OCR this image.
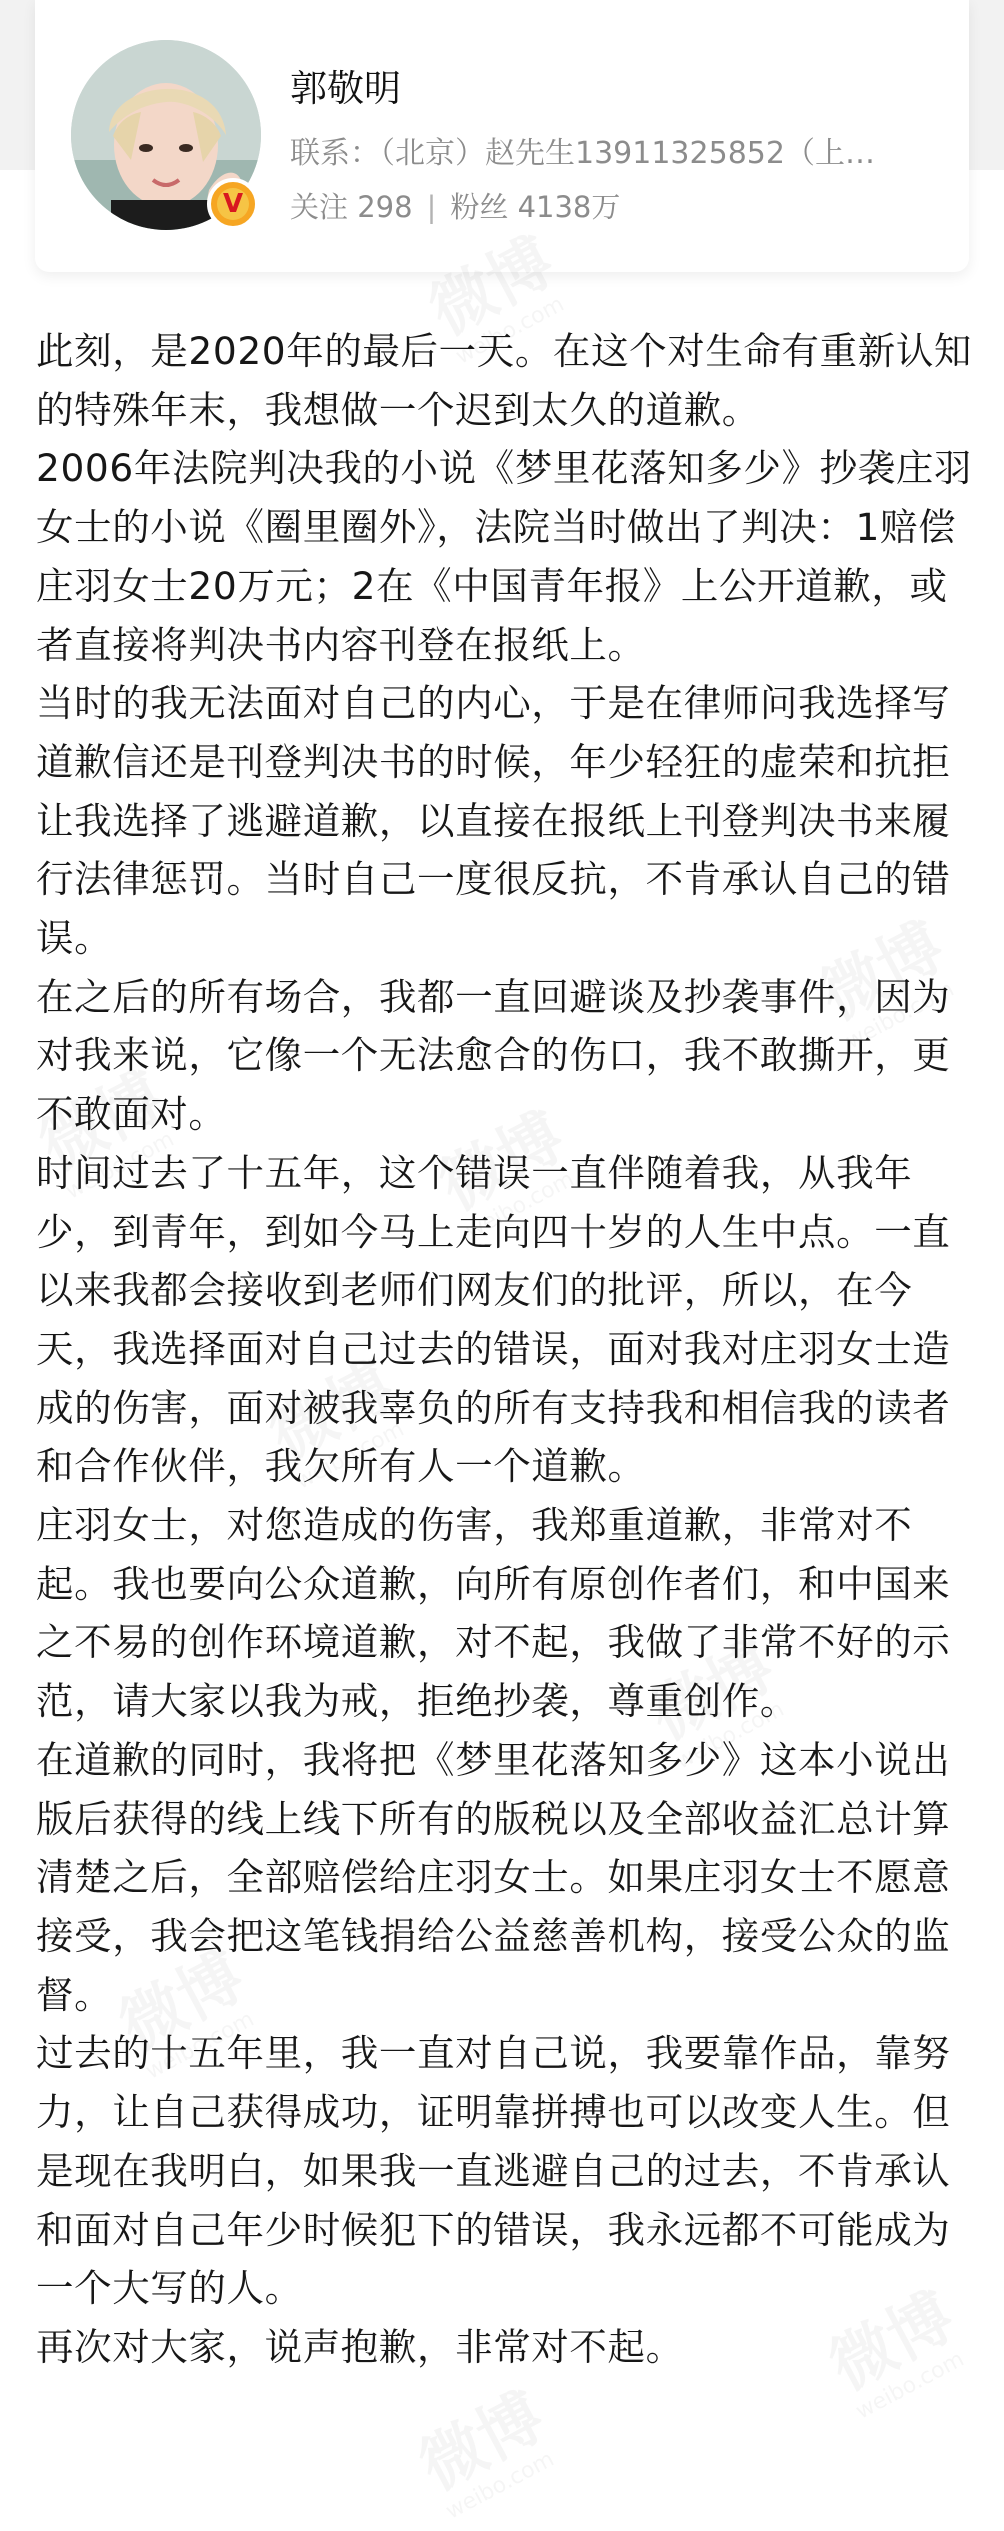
V
郭敬明
联系：（北京）赵先生13911325852（上…
关注 298 | 粉丝 4138万

此刻，是2020年的最后一天。在这个对生命有重新认知的特殊年末，我想做一个迟到太久的道歉。

2006年法院判决我的小说《梦里花落知多少》抄袭庄羽女士的小说《圈里圈外》，法院当时做出了判决：1赔偿庄羽女士20万元；2在《中国青年报》上公开道歉，或者直接将判决书内容刊登在报纸上。

当时的我无法面对自己的内心，于是在律师问我选择写道歉信还是刊登判决书的时候，年少轻狂的虚荣和抗拒让我选择了逃避道歉，以直接在报纸上刊登判决书来履行法律惩罚。当时自己一度很反抗，不肯承认自己的错误。

在之后的所有场合，我都一直回避谈及抄袭事件，因为对我来说，它像一个无法愈合的伤口，我不敢撕开，更不敢面对。

时间过去了十五年，这个错误一直伴随着我，从我年少，到青年，到如今马上走向四十岁的人生中点。一直以来我都会接收到老师们网友们的批评，所以，在今天，我选择面对自己过去的错误，面对我对庄羽女士造成的伤害，面对被我辜负的所有支持我和相信我的读者和合作伙伴，我欠所有人一个道歉。

庄羽女士，对您造成的伤害，我郑重道歉，非常对不起。我也要向公众道歉，向所有原创作者们，和中国来之不易的创作环境道歉，对不起，我做了非常不好的示范，请大家以我为戒，拒绝抄袭，尊重创作。

在道歉的同时，我将把《梦里花落知多少》这本小说出版后获得的线上线下所有的版税以及全部收益汇总计算清楚之后，全部赔偿给庄羽女士。如果庄羽女士不愿意接受，我会把这笔钱捐给公益慈善机构，接受公众的监督。

过去的十五年里，我一直对自己说，我要靠作品，靠努力，让自己获得成功，证明靠拼搏也可以改变人生。但是现在我明白，如果我一直逃避自己的过去，不肯承认和面对自己年少时候犯下的错误，我永远都不可能成为一个大写的人。

再次对大家，说声抱歉，非常对不起。
